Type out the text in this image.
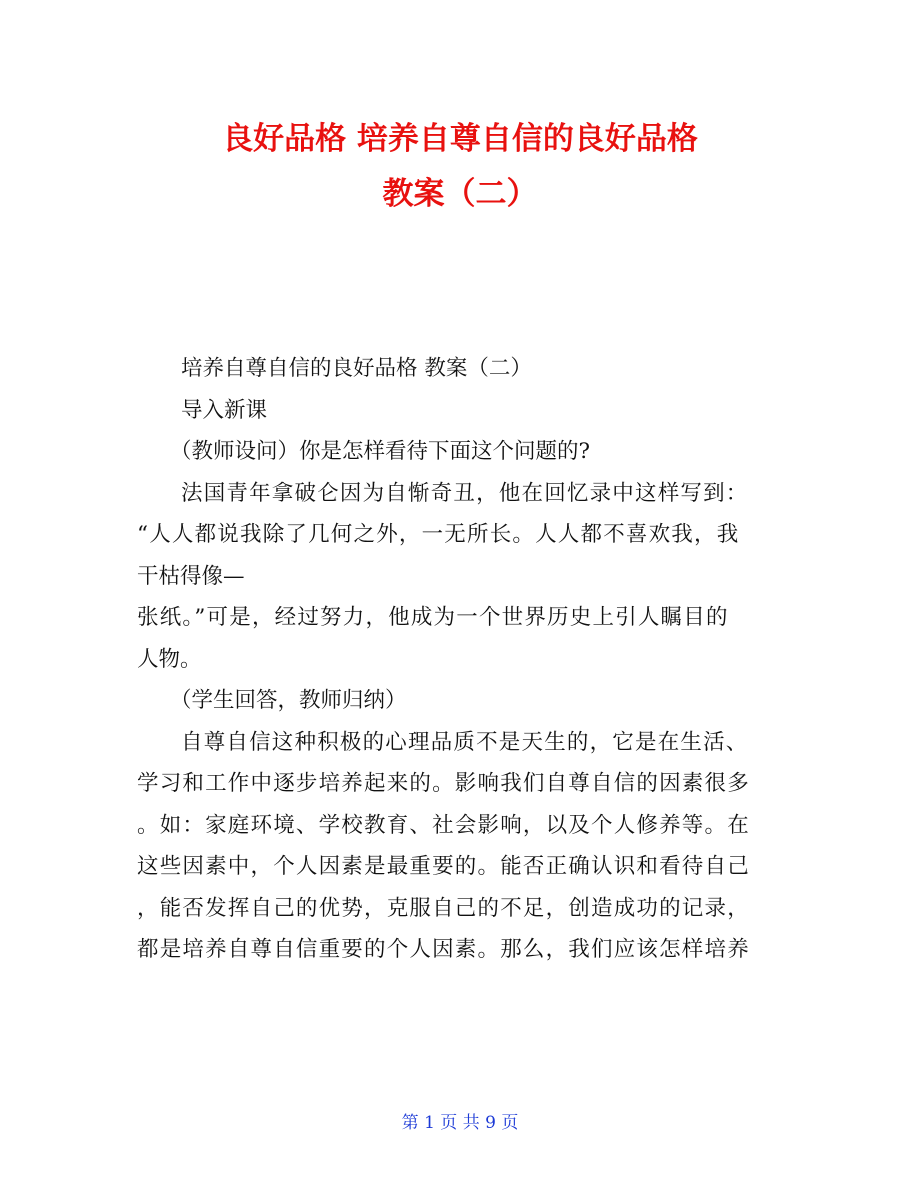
良好品格 培养自尊自信的良好品格
教案（二）

培养自尊自信的良好品格 教案（二）

导入新课

（教师设问）你是怎样看待下面这个问题的?

法国青年拿破仑因为自惭奇丑，他在回忆录中这样写到：

“人人都说我除了几何之外，一无所长。人人都不喜欢我，我

干枯得像—

张纸。”可是，经过努力，他成为一个世界历史上引人瞩目的

人物。

（学生回答，教师归纳）

自尊自信这种积极的心理品质不是天生的，它是在生活、

学习和工作中逐步培养起来的。影响我们自尊自信的因素很多

。如：家庭环境、学校教育、社会影响，以及个人修养等。在

这些因素中，个人因素是最重要的。能否正确认识和看待自己

，能否发挥自己的优势，克服自己的不足，创造成功的记录，

都是培养自尊自信重要的个人因素。那么，我们应该怎样培养

第 1 页 共 9 页
